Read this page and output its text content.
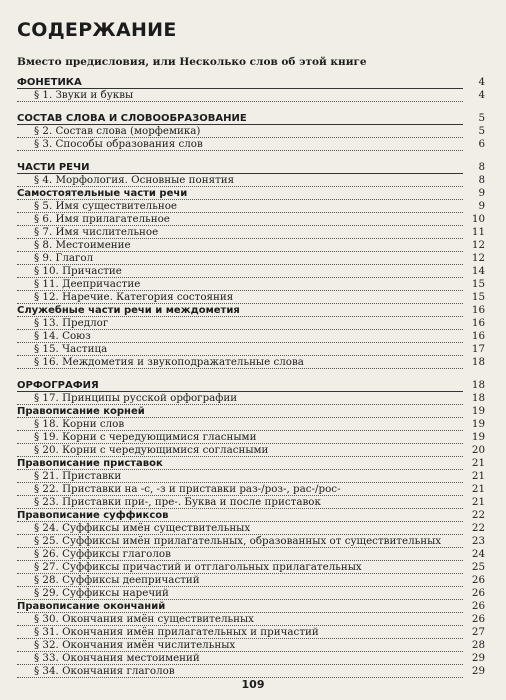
СОДЕРЖАНИЕ
Вместо предисловия, или Несколько слов об этой книге
ФОНЕТИКА	4
§ 1. Звуки и буквы	4
СОСТАВ СЛОВА И СЛОВООБРАЗОВАНИЕ	5
§ 2. Состав слова (морфемика)	5
§ 3. Способы образования слов	6
ЧАСТИ РЕЧИ	8
§ 4. Морфология. Основные понятия	8
Самостоятельные части речи	9
§ 5. Имя существительное	9
§ 6. Имя прилагательное	10
§ 7. Имя числительное	11
§ 8. Местоимение	12
§ 9. Глагол	12
§ 10. Причастие	14
§ 11. Деепричастие	15
§ 12. Наречие. Категория состояния	15
Служебные части речи и междометия	16
§ 13. Предлог	16
§ 14. Союз	16
§ 15. Частица	17
§ 16. Междометия и звукоподражательные слова	18
ОРФОГРАФИЯ	18
§ 17. Принципы русской орфографии	18
Правописание корней	19
§ 18. Корни слов	19
§ 19. Корни с чередующимися гласными	19
§ 20. Корни с чередующимися согласными	20
Правописание приставок	21
§ 21. Приставки	21
§ 22. Приставки на -с, -з и приставки раз-/роз-, рас-/рос-	21
§ 23. Приставки при-, пре-. Буква и после приставок	21
Правописание суффиксов	22
§ 24. Суффиксы имён существительных	22
§ 25. Суффиксы имён прилагательных, образованных от существительных	23
§ 26. Суффиксы глаголов	24
§ 27. Суффиксы причастий и отглагольных прилагательных	25
§ 28. Суффиксы деепричастий	26
§ 29. Суффиксы наречий	26
Правописание окончаний	26
§ 30. Окончания имён существительных	26
§ 31. Окончания имён прилагательных и причастий	27
§ 32. Окончания имён числительных	28
§ 33. Окончания местоимений	29
§ 34. Окончания глаголов	29
109
